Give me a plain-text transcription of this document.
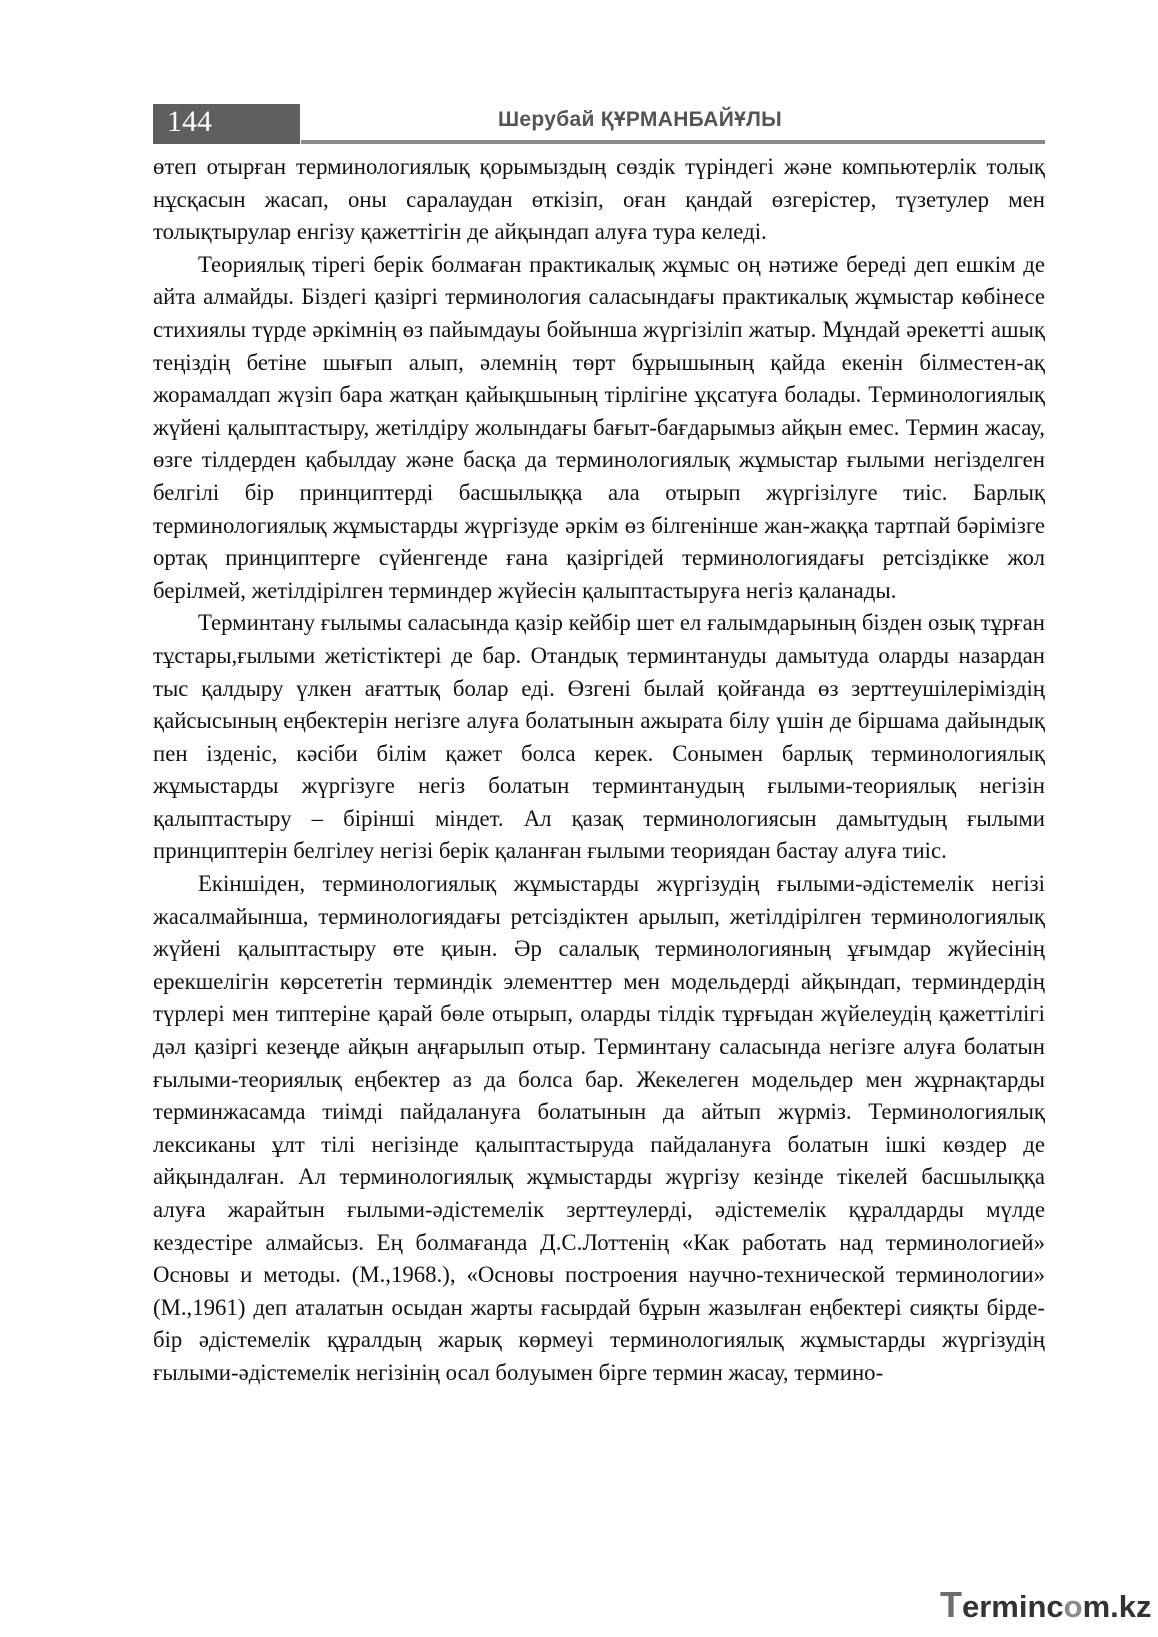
144	Шерубай ҚҰРМАНБАЙҰЛЫ

өтеп отырған терминологиялық қорымыздың сөздік түріндегі және компьютерлік толық нұсқасын жасап, оны саралаудан өткізіп, оған қандай өзгерістер, түзетулер мен толықтырулар енгізу қажеттігін де айқындап алуға тура келеді.

Теориялық тірегі берік болмаған практикалық жұмыс оң нәтиже береді деп ешкім де айта алмайды. Біздегі қазіргі терминология саласындағы практикалық жұмыстар көбінесе стихиялы түрде әркімнің өз пайымдауы бойынша жүргізіліп жатыр. Мұндай әрекетті ашық теңіздің бетіне шығып алып, әлемнің төрт бұрышының қайда екенін білместен-ақ жорамалдап жүзіп бара жатқан қайықшының тірлігіне ұқсатуға болады. Терминологиялық жүйені қалыптастыру, жетілдіру жолындағы бағыт-бағдарымыз айқын емес. Термин жасау, өзге тілдерден қабылдау және басқа да терминологиялық жұмыстар ғылыми негізделген белгілі бір принциптерді басшылыққа ала отырып жүргізілуге тиіс. Барлық терминологиялық жұмыстарды жүргізуде әркім өз білгенінше жан-жаққа тартпай бәрімізге ортақ принциптерге сүйенгенде ғана қазіргідей терминологиядағы ретсіздікке жол берілмей, жетілдірілген терминдер жүйесін қалыптастыруға негіз қаланады.

Терминтану ғылымы саласында қазір кейбір шет ел ғалымдарының бізден озық тұрған тұстары,ғылыми жетістіктері де бар. Отандық терминтануды дамытуда оларды назардан тыс қалдыру үлкен ағаттық болар еді. Өзгені былай қойғанда өз зерттеушілеріміздің қайсысының еңбектерін негізге алуға болатынын ажырата білу үшін де біршама дайындық пен ізденіс, кәсіби білім қажет болса керек. Сонымен барлық терминологиялық жұмыстарды жүргізуге негіз болатын терминтанудың ғылыми-теориялық негізін қалыптастыру – бірінші міндет. Ал қазақ терминологиясын дамытудың ғылыми принциптерін белгілеу негізі берік қаланған ғылыми теориядан бастау алуға тиіс.

Екіншіден, терминологиялық жұмыстарды жүргізудің ғылыми-әдістемелік негізі жасалмайынша, терминологиядағы ретсіздіктен арылып, жетілдірілген терминологиялық жүйені қалыптастыру өте қиын. Әр салалық терминологияның ұғымдар жүйесінің ерекшелігін көрсететін терминдік элементтер мен модельдерді айқындап, терминдердің түрлері мен типтеріне қарай бөле отырып, оларды тілдік тұрғыдан жүйелеудің қажеттілігі дәл қазіргі кезеңде айқын аңғарылып отыр. Терминтану саласында негізге алуға болатын ғылыми-теориялық еңбектер аз да болса бар. Жекелеген модельдер мен жұрнақтарды терминжасамда тиімді пайдалануға болатынын да айтып жүрміз. Терминологиялық лексиканы ұлт тілі негізінде қалыптастыруда пайдалануға болатын ішкі көздер де айқындалған. Ал терминологиялық жұмыстарды жүргізу кезінде тікелей басшылыққа алуға жарайтын ғылыми-әдістемелік зерттеулерді, әдістемелік құралдарды мүлде кездестіре алмайсыз. Ең болмағанда Д.С.Лоттенің «Как работать над терминологией» Основы и методы. (М.,1968.), «Основы построения научно-технической терминологии» (М.,1961) деп аталатын осыдан жарты ғасырдай бұрын жазылған еңбектері сияқты бірде-бір әдістемелік құралдың жарық көрмеуі терминологиялық жұмыстарды жүргізудің ғылыми-әдістемелік негізінің осал болуымен бірге термин жасау, термино-

Termincom.kz
